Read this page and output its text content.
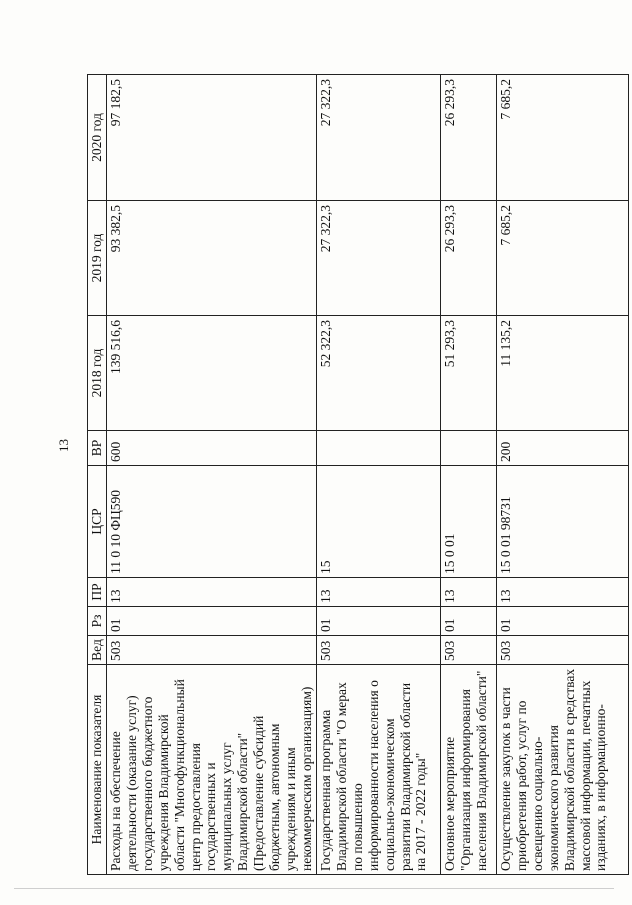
13
Наименование показателя	Вед	Рз	ПР	ЦСР	ВР	2018 год	2019 год	2020 год
Расходы на обеспечение деятельности (оказание услуг) государственного бюджетного учреждения Владимирской области "Многофункциональный центр предоставления государственных и муниципальных услуг Владимирской области" (Предоставление субсидий бюджетным, автономным учреждениям и иным некоммерческим организациям)	503	01	13	11 0 10 ФЦ590	600	139 516,6	93 382,5	97 182,5
Государственная программа Владимирской области "О мерах по повышению информированности населения о социально-экономическом развитии Владимирской области на 2017 - 2022 годы"	503	01	13	15		52 322,3	27 322,3	27 322,3
Основное мероприятие "Организация информирования населения Владимирской области"	503	01	13	15 0 01		51 293,3	26 293,3	26 293,3
Осуществление закупок в части приобретения работ, услуг по освещению социально-экономического развития Владимирской области в средствах массовой информации, печатных изданиях, в информационно-	503	01	13	15 0 01 98731	200	11 135,2	7 685,2	7 685,2
